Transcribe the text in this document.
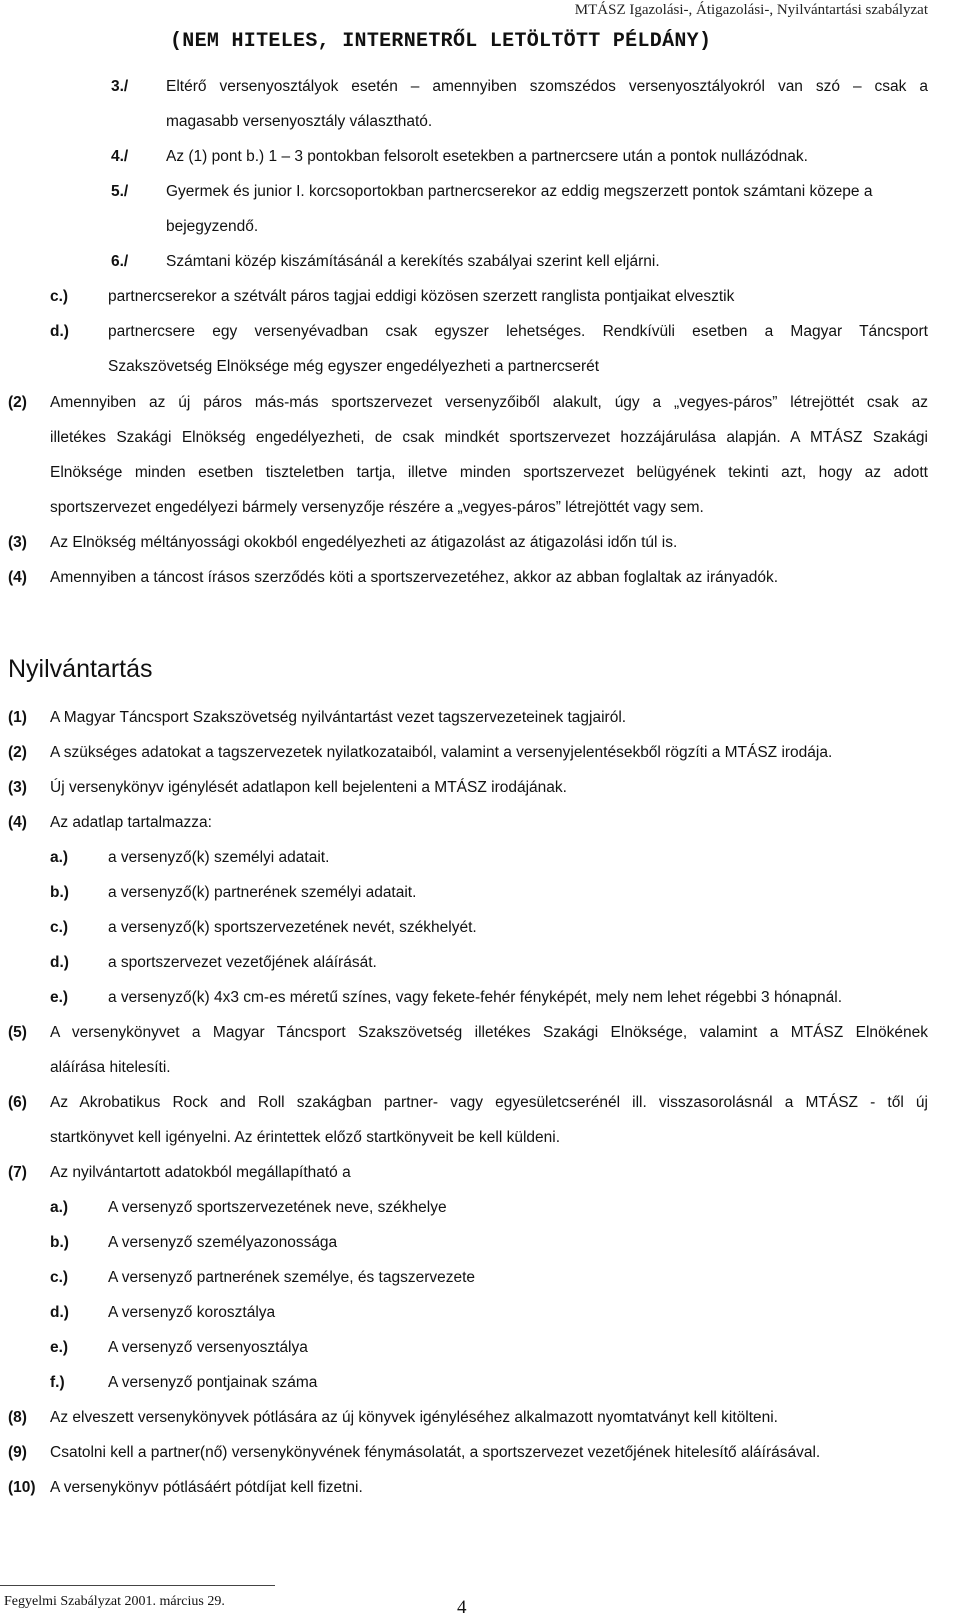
MTÁSZ Igazolási-, Átigazolási-, Nyilvántartási szabályzat
(NEM HITELES, INTERNETRŐL LETÖLTÖTT PÉLDÁNY)
3./ Eltérő versenyosztályok esetén – amennyiben szomszédos versenyosztályokról van szó – csak a
magasabb versenyosztály választható.
4./ Az (1) pont b.) 1 – 3 pontokban felsorolt esetekben a partnercsere után a pontok nullázódnak.
5./ Gyermek és junior I. korcsoportokban partnercserekor az eddig megszerzett pontok számtani közepe a
bejegyzendő.
6./ Számtani közép kiszámításánál a kerekítés szabályai szerint kell eljárni.
c.)	partnercserekor a szétvált páros tagjai eddigi közösen szerzett ranglista pontjaikat elvesztik
d.)	partnercsere egy versenyévadban csak egyszer lehetséges. Rendkívüli esetben a Magyar Táncsport
Szakszövetség Elnöksége még egyszer engedélyezheti a partnercserét
(2) Amennyiben az új páros más-más sportszervezet versenyzőiből alakult, úgy a „vegyes-páros” létrejöttét csak az
illetékes Szakági Elnökség engedélyezheti, de csak mindkét sportszervezet hozzájárulása alapján. A MTÁSZ Szakági
Elnöksége minden esetben tiszteletben tartja, illetve minden sportszervezet belügyének tekinti azt, hogy az adott
sportszervezet engedélyezi bármely versenyzője részére a „vegyes-páros” létrejöttét vagy sem.
(3) Az Elnökség méltányossági okokból engedélyezheti az átigazolást az átigazolási időn túl is.
(4) Amennyiben a táncost írásos szerződés köti a sportszervezetéhez, akkor az abban foglaltak az irányadók.
Nyilvántartás
(1) A Magyar Táncsport Szakszövetség nyilvántartást vezet tagszervezeteinek tagjairól.
(2) A szükséges adatokat a tagszervezetek nyilatkozataiból, valamint a versenyjelentésekből rögzíti a MTÁSZ irodája.
(3) Új versenykönyv igénylését adatlapon kell bejelenteni a MTÁSZ irodájának.
(4) Az adatlap tartalmazza:
a.)	a versenyző(k) személyi adatait.
b.)	a versenyző(k) partnerének személyi adatait.
c.)	a versenyző(k) sportszervezetének nevét, székhelyét.
d.)	a sportszervezet vezetőjének aláírását.
e.)	a versenyző(k) 4x3 cm-es méretű színes, vagy fekete-fehér fényképét, mely nem lehet régebbi 3 hónapnál.
(5) A versenykönyvet a Magyar Táncsport Szakszövetség illetékes Szakági Elnöksége, valamint a MTÁSZ Elnökének
aláírása hitelesíti.
(6) Az Akrobatikus Rock and Roll szakágban partner- vagy egyesületcserénél ill. visszasorolásnál a MTÁSZ - től új
startkönyvet kell igényelni. Az érintettek előző startkönyveit be kell küldeni.
(7) Az nyilvántartott adatokból megállapítható a
a.)	A versenyző sportszervezetének neve, székhelye
b.)	A versenyző személyazonossága
c.)	A versenyző partnerének személye, és tagszervezete
d.)	A versenyző korosztálya
e.)	A versenyző versenyosztálya
f.)	A versenyző pontjainak száma
(8) Az elveszett versenykönyvek pótlására az új könyvek igényléséhez alkalmazott nyomtatványt kell kitölteni.
(9) Csatolni kell a partner(nő) versenykönyvének fénymásolatát, a sportszervezet vezetőjének hitelesítő aláírásával.
(10) A versenykönyv pótlásáért pótdíjat kell fizetni.
Fegyelmi Szabályzat 2001. március 29.	4
